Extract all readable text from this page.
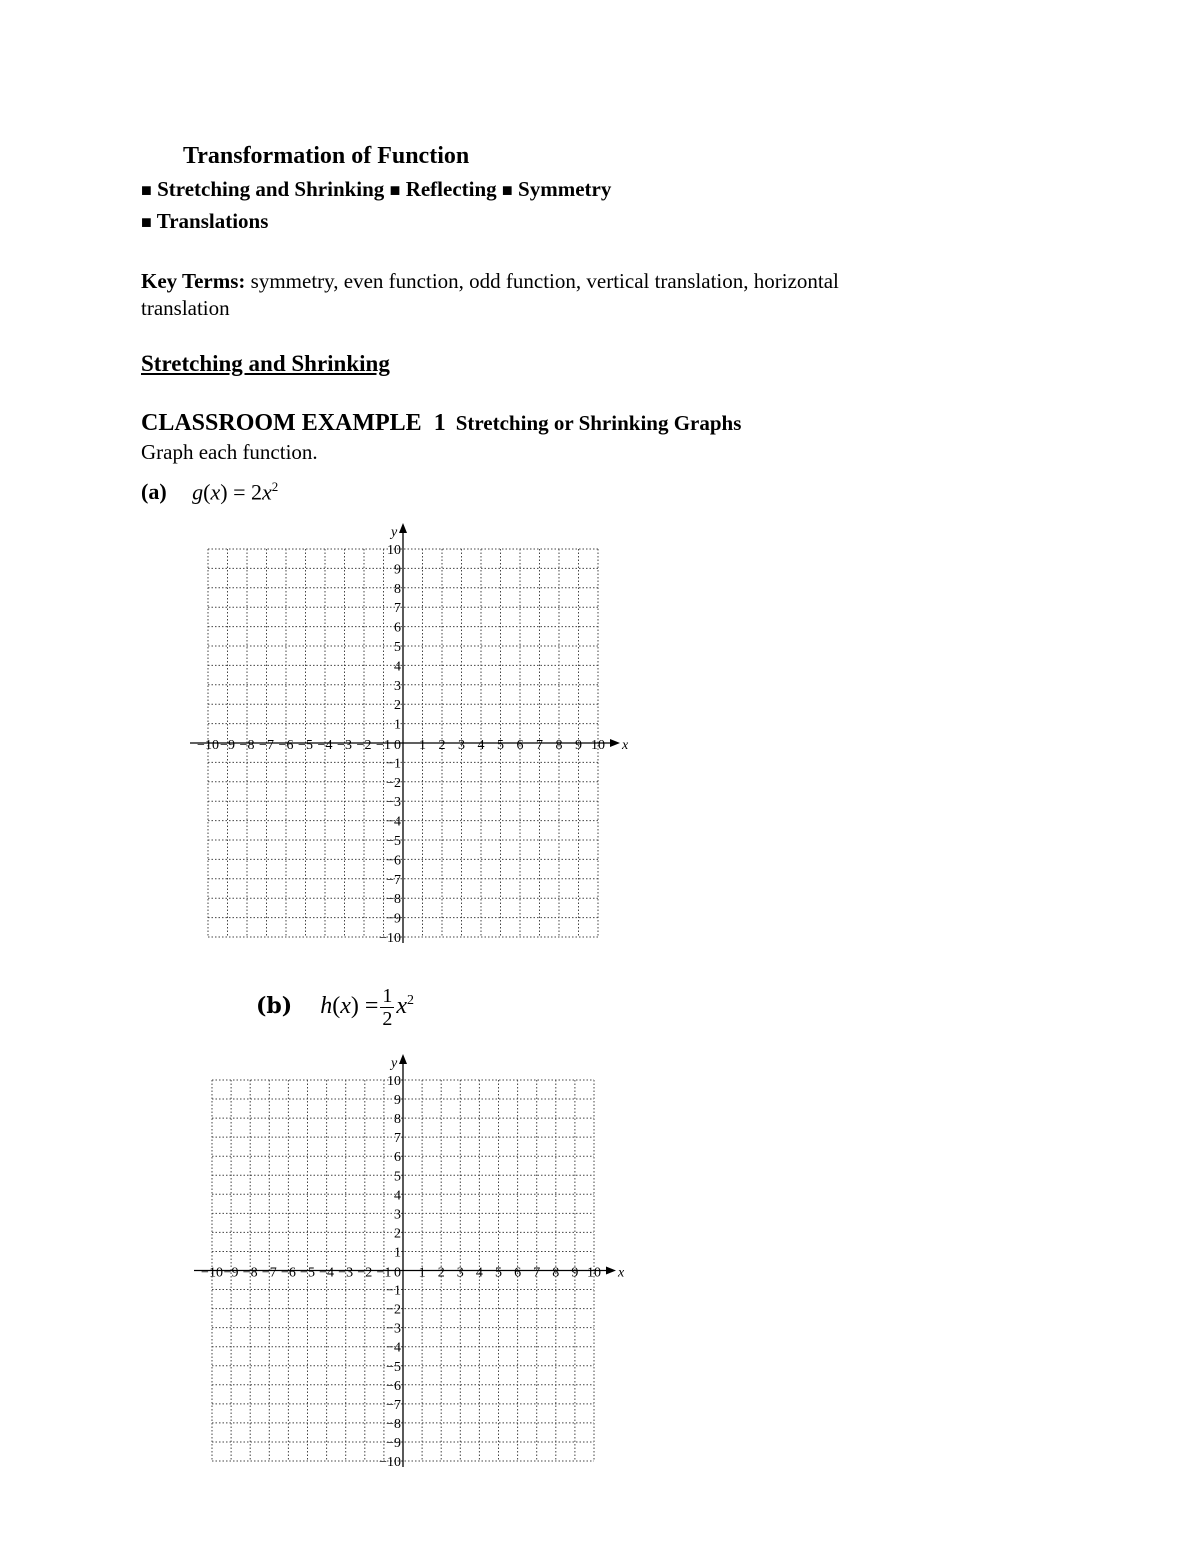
Transformation of Function
■ Stretching and Shrinking ■ Reflecting ■ Symmetry
■ Translations
Key Terms: symmetry, even function, odd function, vertical translation, horizontal translation
Stretching and Shrinking
CLASSROOM EXAMPLE 1 Stretching or Shrinking Graphs
Graph each function.
(a) $g(x) = 2x^2$
(b) $h(x) = \frac{1}{2} x^2$
−10 −9 −8 −7 −6 −5 −4 −3 −2 −1 1 2 3 4 5 6 7 8 9 10
10
9
8
7
6
5
4
3
2
1
−1
−2
−3
−4
−5
−6
−7
−8
−9
−10
0	x
y
−10 −9 −8 −7 −6 −5 −4 −3 −2 −1 1 2 3 4 5 6 7 8 9 10
10
9
8
7
6
5
4
3
2
1
−1
−2
−3
−4
−5
−6
−7
−8
−9
−10
0	x
y
